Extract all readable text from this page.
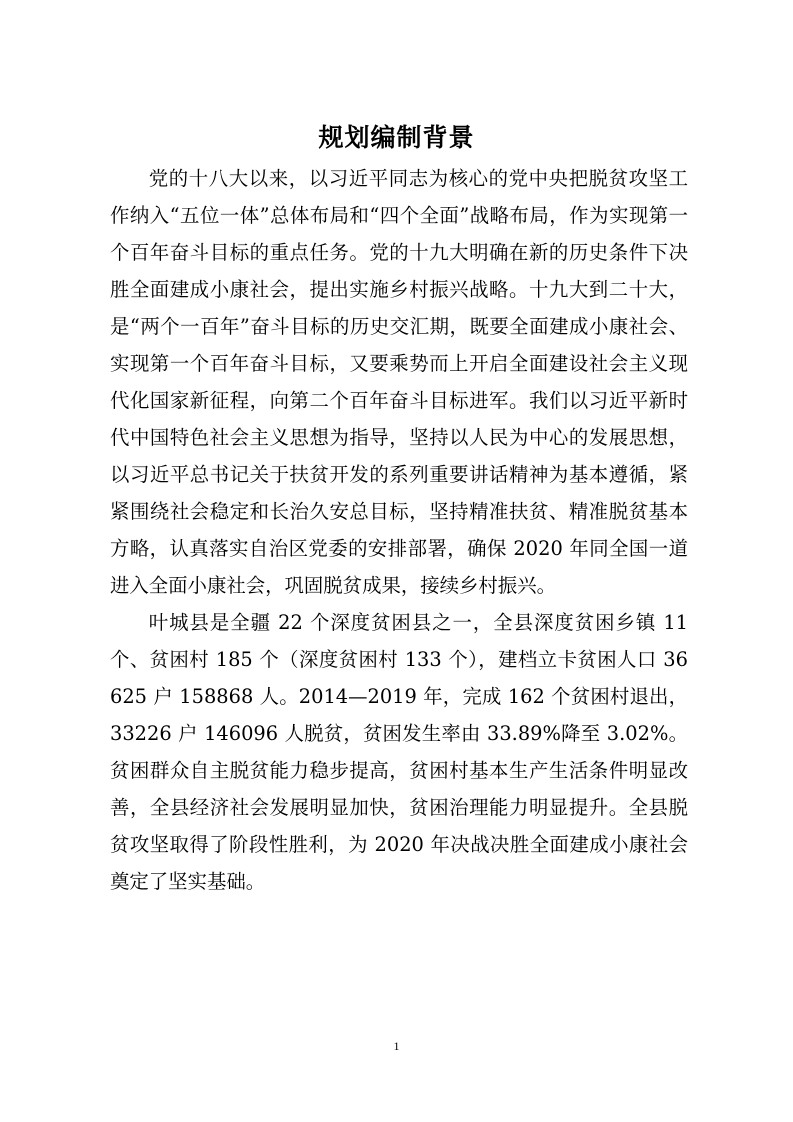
规划编制背景

党的十八大以来，以习近平同志为核心的党中央把脱贫攻坚工作纳入“五位一体”总体布局和“四个全面”战略布局，作为实现第一个百年奋斗目标的重点任务。党的十九大明确在新的历史条件下决胜全面建成小康社会，提出实施乡村振兴战略。十九大到二十大，是“两个一百年”奋斗目标的历史交汇期，既要全面建成小康社会、实现第一个百年奋斗目标，又要乘势而上开启全面建设社会主义现代化国家新征程，向第二个百年奋斗目标进军。我们以习近平新时代中国特色社会主义思想为指导，坚持以人民为中心的发展思想，以习近平总书记关于扶贫开发的系列重要讲话精神为基本遵循，紧紧围绕社会稳定和长治久安总目标，坚持精准扶贫、精准脱贫基本方略，认真落实自治区党委的安排部署，确保 2020 年同全国一道进入全面小康社会，巩固脱贫成果，接续乡村振兴。

叶城县是全疆 22 个深度贫困县之一，全县深度贫困乡镇 11 个、贫困村 185 个（深度贫困村 133 个），建档立卡贫困人口 36625 户 158868 人。2014—2019 年，完成 162 个贫困村退出，33226 户 146096 人脱贫，贫困发生率由 33.89%降至 3.02%。贫困群众自主脱贫能力稳步提高，贫困村基本生产生活条件明显改善，全县经济社会发展明显加快，贫困治理能力明显提升。全县脱贫攻坚取得了阶段性胜利，为 2020 年决战决胜全面建成小康社会奠定了坚实基础。

1
